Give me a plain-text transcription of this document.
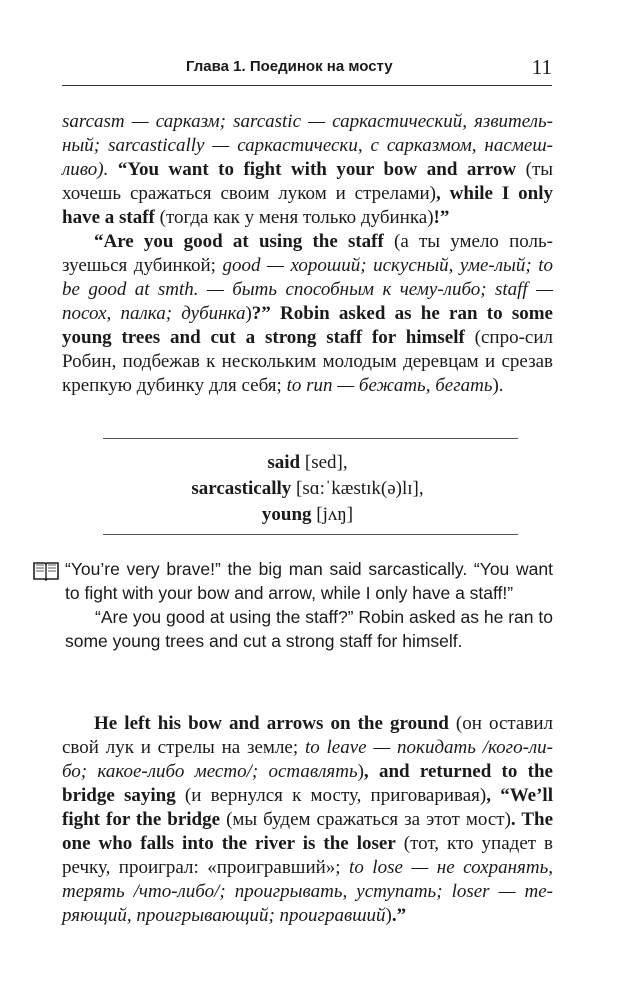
Глава 1. Поединок на мосту	11

sarcasm — сарказм; sarcastic — саркастический, язвитель-ный; sarcastically — саркастически, с сарказмом, насмеш-ливо). “You want to fight with your bow and arrow (ты хочешь сражаться своим луком и стрелами), while I only have a staff (тогда как у меня только дубинка)!”

“Are you good at using the staff (а ты умело поль-зуешься дубинкой; good — хороший; искусный, уме-лый; to be good at smth. — быть способным к чему-либо; staff — посох, палка; дубинка)?” Robin asked as he ran to some young trees and cut a strong staff for himself (спро-сил Робин, подбежав к нескольким молодым деревцам и срезав крепкую дубинку для себя; to run — бежать, бегать).

said [sed],
sarcastically [sɑ:ˈkæstɪk(ə)lɪ],
young [jʌŋ]

“You’re very brave!” the big man said sarcastically. “You want to fight with your bow and arrow, while I only have a staff!”

“Are you good at using the staff?” Robin asked as he ran to some young trees and cut a strong staff for himself.

He left his bow and arrows on the ground (он оставил свой лук и стрелы на земле; to leave — покидать /кого-ли-бо; какое-либо место/; оставлять), and returned to the bridge saying (и вернулся к мосту, приговаривая), “We’ll fight for the bridge (мы будем сражаться за этот мост). The one who falls into the river is the loser (тот, кто упадет в речку, проиграл: «проигравший»; to lose — не сохранять, терять /что-либо/; проигрывать, уступать; loser — те-ряющий, проигрывающий; проигравший).”
